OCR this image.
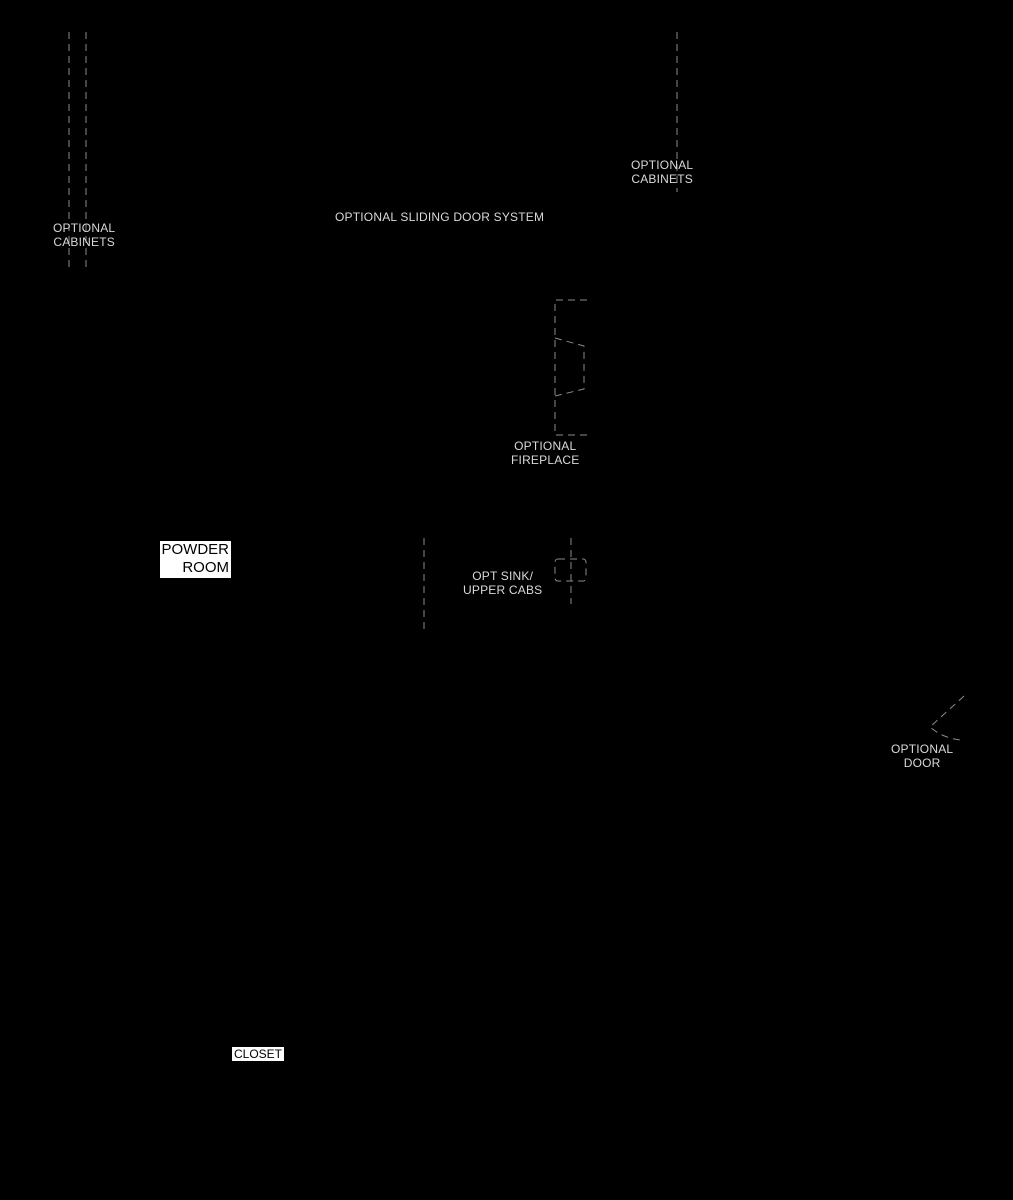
OPTIONAL
CABINETS
OPTIONAL
CABINETS
OPTIONAL SLIDING DOOR SYSTEM
OPTIONAL
FIREPLACE
OPT SINK/
UPPER CABS
OPTIONAL
DOOR
POWDER
ROOM
CLOSET
